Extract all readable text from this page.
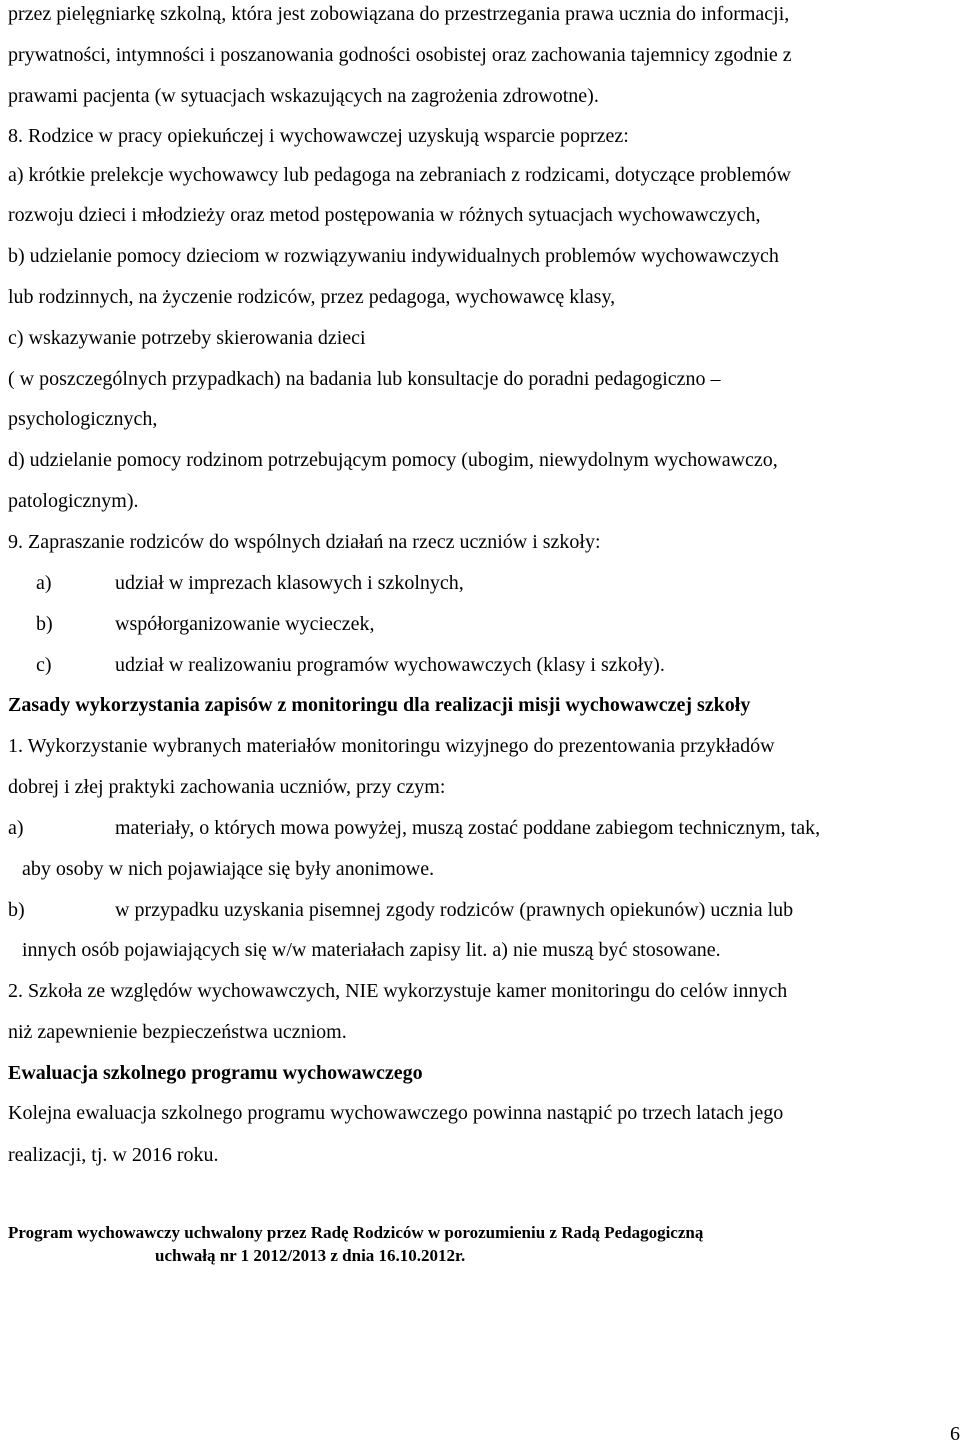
przez pielęgniarkę szkolną, która jest zobowiązana do przestrzegania prawa ucznia do informacji,
prywatności, intymności i poszanowania godności osobistej oraz zachowania tajemnicy zgodnie z
prawami pacjenta (w sytuacjach wskazujących na zagrożenia zdrowotne).
8. Rodzice w pracy opiekuńczej i wychowawczej uzyskują wsparcie poprzez:
a) krótkie prelekcje wychowawcy lub pedagoga na zebraniach z rodzicami, dotyczące problemów
rozwoju dzieci i młodzieży oraz metod postępowania w różnych sytuacjach wychowawczych,
b) udzielanie pomocy dzieciom w rozwiązywaniu indywidualnych problemów wychowawczych
lub rodzinnych, na życzenie rodziców, przez pedagoga, wychowawcę klasy,
c) wskazywanie potrzeby skierowania dzieci
( w poszczególnych przypadkach) na badania lub konsultacje do poradni pedagogiczno –
psychologicznych,
d) udzielanie pomocy rodzinom potrzebującym pomocy (ubogim, niewydolnym wychowawczo,
patologicznym).
9. Zapraszanie rodziców do wspólnych działań na rzecz uczniów i szkoły:
a)	udział w imprezach klasowych i szkolnych,
b)	współorganizowanie wycieczek,
c)	udział w realizowaniu programów wychowawczych (klasy i szkoły).
Zasady wykorzystania zapisów z monitoringu dla realizacji misji wychowawczej szkoły
1. Wykorzystanie wybranych materiałów monitoringu wizyjnego do prezentowania przykładów
dobrej i złej praktyki zachowania uczniów, przy czym:
a)	materiały, o których mowa powyżej, muszą zostać poddane zabiegom technicznym, tak,
aby osoby w nich pojawiające się były anonimowe.
b)	w przypadku uzyskania pisemnej zgody rodziców (prawnych opiekunów) ucznia lub
innych osób pojawiających się w/w materiałach zapisy lit. a) nie muszą być stosowane.
2. Szkoła ze względów wychowawczych, NIE wykorzystuje kamer monitoringu do celów innych
niż zapewnienie bezpieczeństwa uczniom.
Ewaluacja szkolnego programu wychowawczego
Kolejna ewaluacja szkolnego programu wychowawczego powinna nastąpić po trzech latach jego
realizacji, tj. w 2016 roku.
Program wychowawczy uchwalony przez Radę Rodziców w porozumieniu z Radą Pedagogiczną
uchwałą nr 1 2012/2013 z dnia 16.10.2012r.
6
